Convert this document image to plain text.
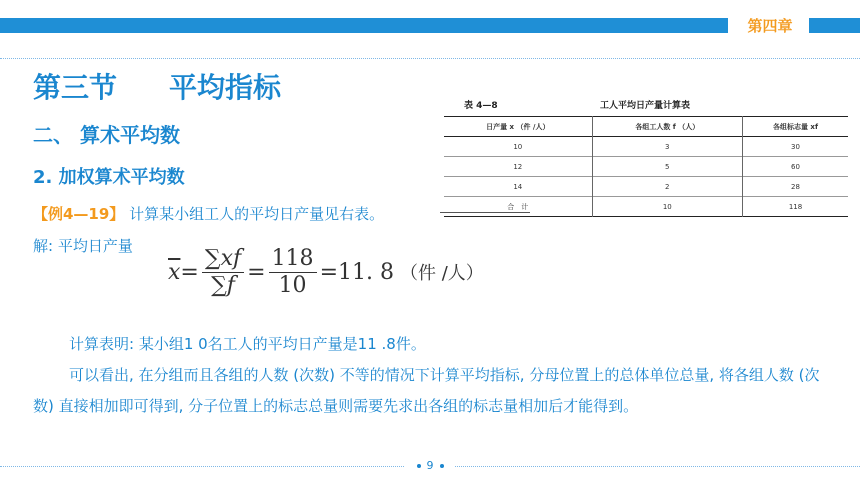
第四章
第三节 平均指标
二、 算术平均数
2. 加权算术平均数
【例4—19】 计算某小组工人的平均日产量见右表。
解: 平均日产量
$\overline{x} = \frac{\sum xf}{\sum f} = \frac{118}{10} =11$. 8 （件 /人）
表 4—8	工人平均日产量计算表
日产量 x （件 /人）	各组工人数 f （人）	各组标志量 xf
10	3	30
12	5	60
14	2	28
合　计	10	118
计算表明: 某小组1 0名工人的平均日产量是11 .8件。
可以看出, 在分组而且各组的人数 (次数) 不等的情况下计算平均指标, 分母位置上的总体单位总量, 将各组人数 (次数) 直接相加即可得到, 分子位置上的标志总量则需要先求出各组的标志量相加后才能得到。
9
